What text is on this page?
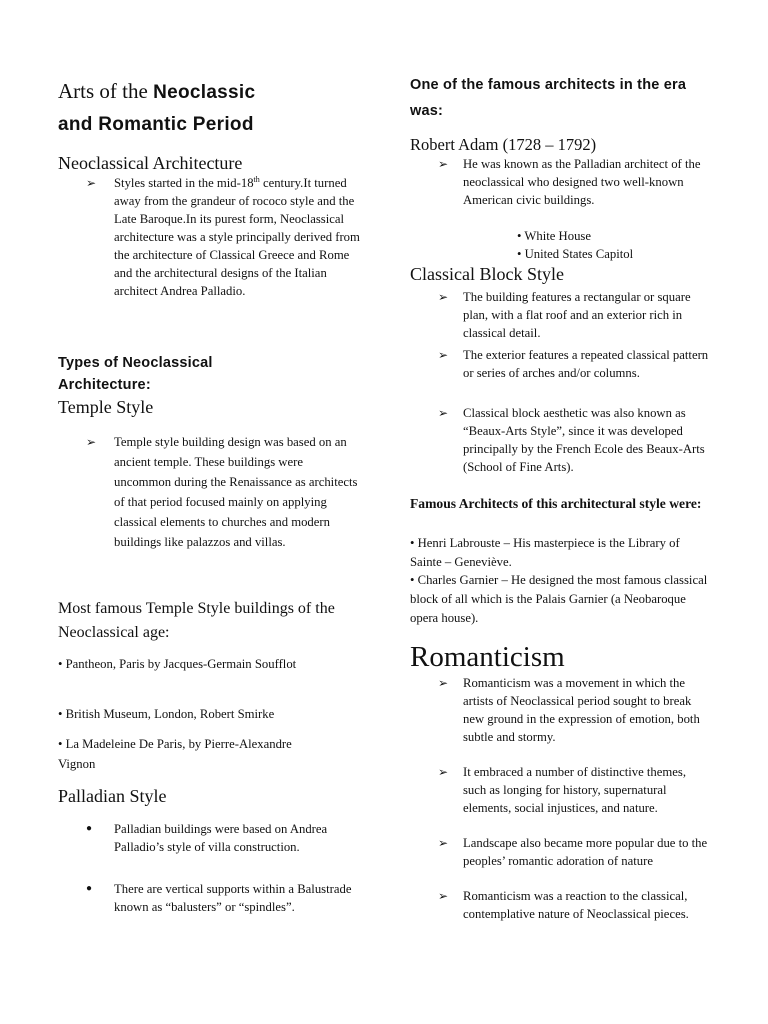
Arts of the Neoclassic
and Romantic Period
Neoclassical Architecture
➢	Styles started in the mid-18th century.It turned away from the grandeur of rococo style and the Late Baroque.In its purest form, Neoclassical architecture was a style principally derived from the architecture of Classical Greece and Rome and the architectural designs of the Italian architect Andrea Palladio.
Types of Neoclassical Architecture:
Temple Style
➢	Temple style building design was based on an ancient temple. These buildings were uncommon during the Renaissance as architects of that period focused mainly on applying classical elements to churches and modern buildings like palazzos and villas.
Most famous Temple Style buildings of the Neoclassical age:
• Pantheon, Paris by Jacques-Germain Soufflot
• British Museum, London, Robert Smirke
• La Madeleine De Paris, by Pierre-Alexandre Vignon
Palladian Style
●	Palladian buildings were based on Andrea Palladio’s style of villa construction.
●	There are vertical supports within a Balustrade known as “balusters” or “spindles”.
One of the famous architects in the era was:
Robert Adam (1728 – 1792)
➢	He was known as the Palladian architect of the neoclassical who designed two well-known American civic buildings.
• White House
• United States Capitol
Classical Block Style
➢	The building features a rectangular or square plan, with a flat roof and an exterior rich in classical detail.
➢	The exterior features a repeated classical pattern or series of arches and/or columns.
➢	Classical block aesthetic was also known as “Beaux-Arts Style”, since it was developed principally by the French Ecole des Beaux-Arts (School of Fine Arts).
Famous Architects of this architectural style were:
• Henri Labrouste – His masterpiece is the Library of Sainte – Geneviève.
• Charles Garnier – He designed the most famous classical block of all which is the Palais Garnier (a Neobaroque opera house).
Romanticism
➢	Romanticism was a movement in which the artists of Neoclassical period sought to break new ground in the expression of emotion, both subtle and stormy.
➢	It embraced a number of distinctive themes, such as longing for history, supernatural elements, social injustices, and nature.
➢	Landscape also became more popular due to the peoples’ romantic adoration of nature
➢	Romanticism was a reaction to the classical, contemplative nature of Neoclassical pieces.
